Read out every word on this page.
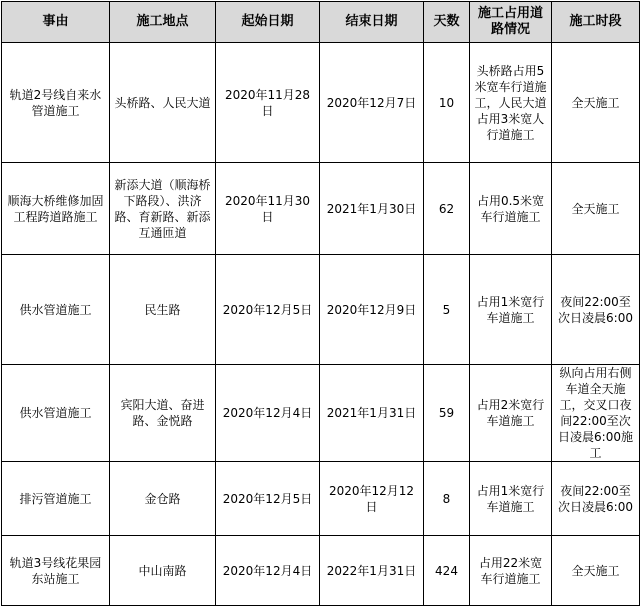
事由	施工地点	起始日期	结束日期	天数	施工占用道路情况	施工时段
轨道2号线自来水管道施工	头桥路、人民大道	2020年11月28日	2020年12月7日	10	头桥路占用5米宽车行道施工，人民大道占用3米宽人行道施工	全天施工
顺海大桥维修加固工程跨道路施工	新添大道（顺海桥下路段）、洪济路、育新路、新添互通匝道	2020年11月30日	2021年1月30日	62	占用0.5米宽车行道施工	全天施工
供水管道施工	民生路	2020年12月5日	2020年12月9日	5	占用1米宽行车道施工	夜间22:00至次日凌晨6:00
供水管道施工	宾阳大道、奋进路、金悦路	2020年12月4日	2021年1月31日	59	占用2米宽行车道施工	纵向占用右侧车道全天施工，交叉口夜间22:00至次日凌晨6:00施工
排污管道施工	金仓路	2020年12月5日	2020年12月12日	8	占用1米宽行车道施工	夜间22:00至次日凌晨6:00
轨道3号线花果园东站施工	中山南路	2020年12月4日	2022年1月31日	424	占用22米宽车行道施工	全天施工
